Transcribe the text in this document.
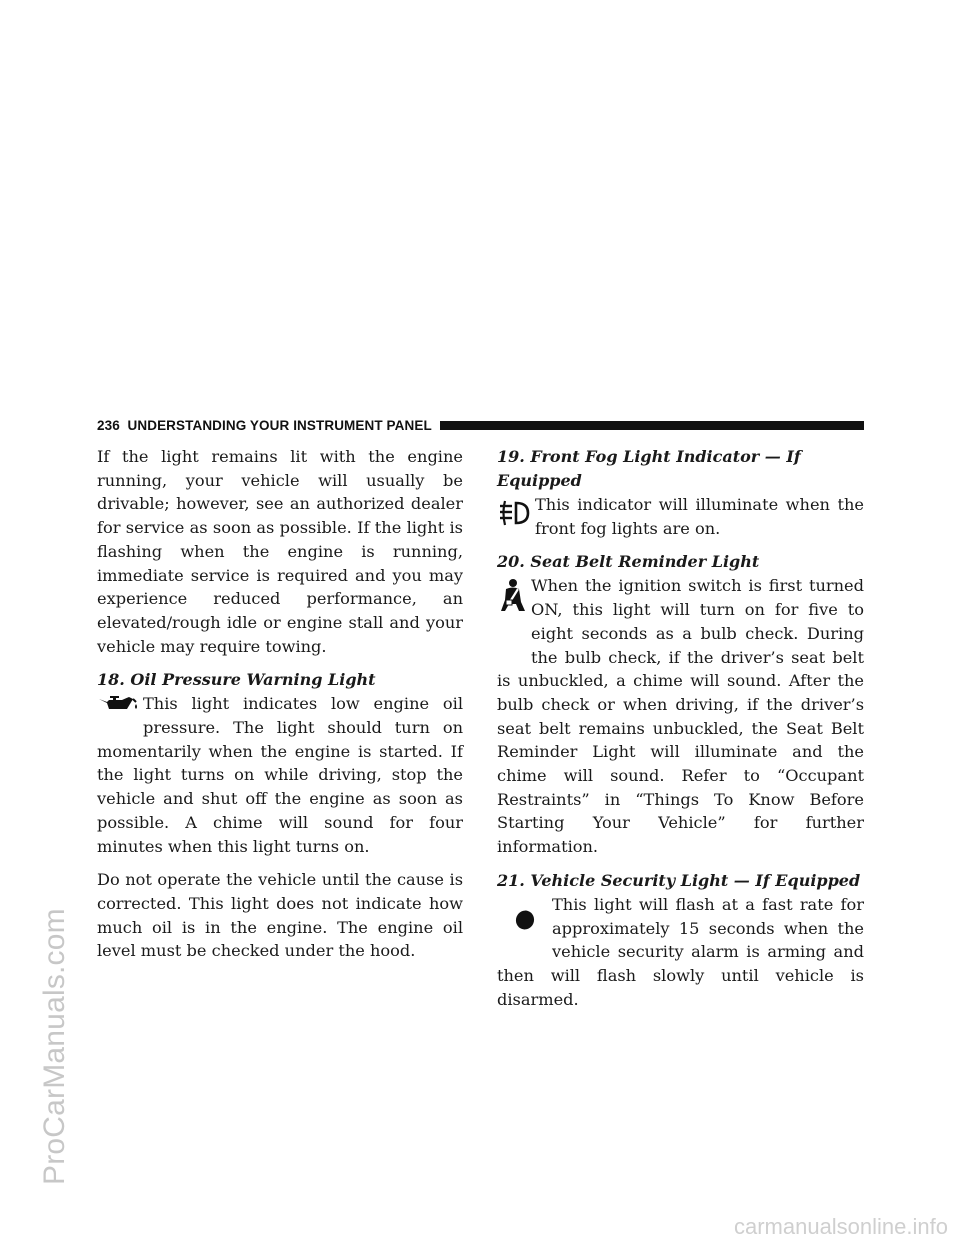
ProCarManuals.com
carmanualsonline.info
236 UNDERSTANDING YOUR INSTRUMENT PANEL

If the light remains lit with the engine running, your vehicle will usually be drivable; however, see an authorized dealer for service as soon as possible. If the light is flashing when the engine is running, immediate service is required and you may experience reduced performance, an elevated/rough idle or engine stall and your vehicle may require towing.

18. Oil Pressure Warning Light

This light indicates low engine oil pressure. The light should turn on momentarily when the engine is started. If the light turns on while driving, stop the vehicle and shut off the engine as soon as possible. A chime will sound for four minutes when this light turns on.

Do not operate the vehicle until the cause is corrected. This light does not indicate how much oil is in the engine. The engine oil level must be checked under the hood.

19. Front Fog Light Indicator — If Equipped

This indicator will illuminate when the front fog lights are on.

20. Seat Belt Reminder Light

When the ignition switch is first turned ON, this light will turn on for five to eight seconds as a bulb check. During the bulb check, if the driver’s seat belt is unbuckled, a chime will sound. After the bulb check or when driving, if the driver’s seat belt remains unbuckled, the Seat Belt Reminder Light will illuminate and the chime will sound. Refer to “Occupant Restraints” in “Things To Know Before Starting Your Vehicle” for further information.

21. Vehicle Security Light — If Equipped

This light will flash at a fast rate for approximately 15 seconds when the vehicle security alarm is arming and then will flash slowly until vehicle is disarmed.
